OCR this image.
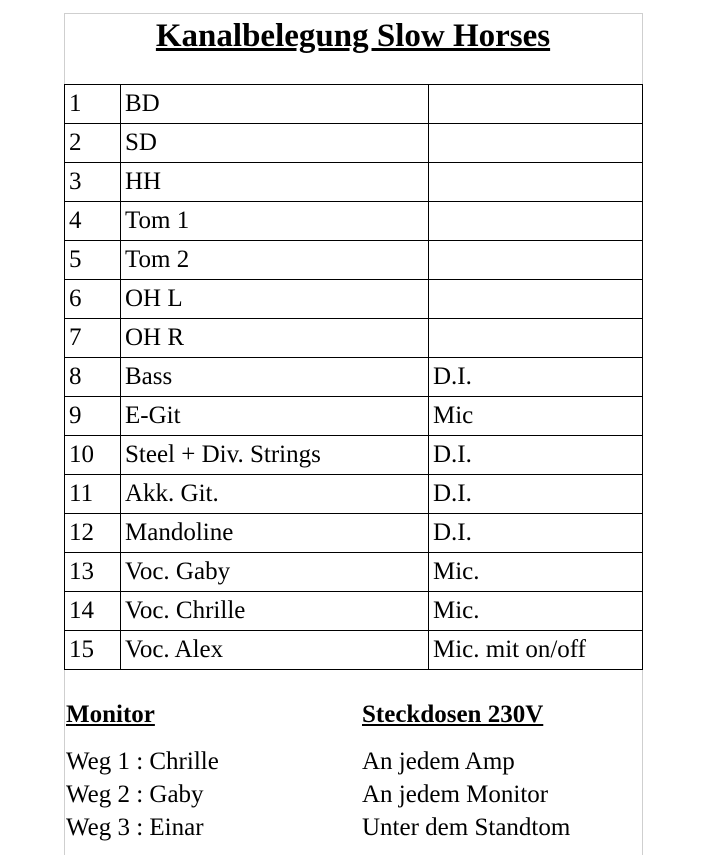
Kanalbelegung Slow Horses
1	BD	
2	SD	
3	HH	
4	Tom 1	
5	Tom 2	
6	OH L	
7	OH R	
8	Bass	D.I.
9	E-Git	Mic
10	Steel + Div. Strings	D.I.
11	Akk. Git.	D.I.
12	Mandoline	D.I.
13	Voc. Gaby	Mic.
14	Voc. Chrille	Mic.
15	Voc. Alex	Mic. mit on/off
Monitor
Weg 1 : Chrille
Weg 2 : Gaby
Weg 3 : Einar
Steckdosen 230V
An jedem Amp
An jedem Monitor
Unter dem Standtom
